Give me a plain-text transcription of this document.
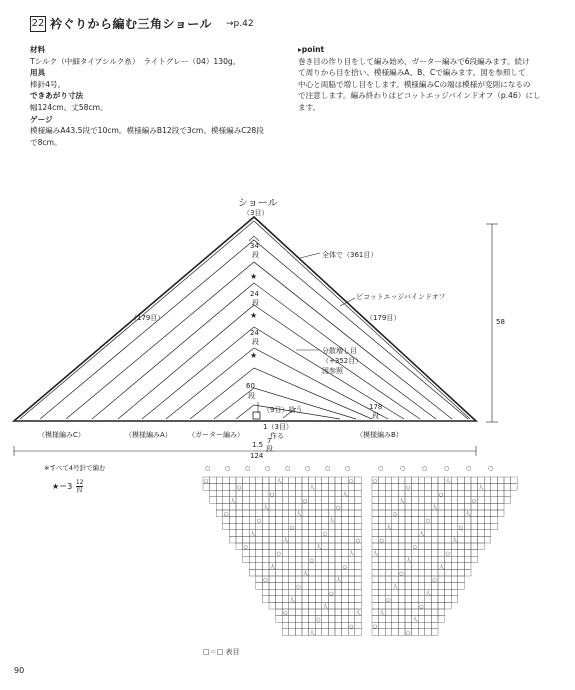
22 衿ぐりから編む三角ショール →p.42
材料
Tシルク（中細タイプシルク糸）　ライトグレー（04）130g。
用具
棒針4号。
できあがり寸法
幅124cm、丈58cm。
ゲージ
模様編みA43.5段で10cm。模様編みB12段で3cm、模様編みC28段
で8cm。
▸point
巻き目の作り目をして編み始め、ガーター編みで6段編みます。続け
て周りから目を拾い、模様編みA、B、Cで編みます。図を参照して
中心と両脇で増し目をします。模様編みCの端は模様が変則になるの
で注意します。編み終わりはピコットエッジバインドオフ（p.46）にし
ます。
★
★
★
ショール
（3目）
（179目）	（179目）
全体で（361目）
ピコットエッジバインドオフ
34
段
24
段
24
段
分散増し目
（+352目）
図参照
60
段
（9目）拾う	178
段
1（3目）
作る
1.5 7
段
（模様編みC）	（模様編みA） （ガーター編み）	（模様編みB）
124
58
※すべて4号針で編む
★＝3 12
段
○ ○ ○ ○ ○ ○ ○ ○	○	○	○	○	○	○
○	人	○
○	人
○	人
人	○
人	○
○	人
○	人
○
人	○
人	○
○	人
○	人
○
人	○
人
○	人
○
○
人
人
○	人
○
○
人
○	人
○	人
○
人	○
人
○	人
○
人	○
人
○	人
○
人	○
人
人
○
○
人
人
○
○
人
人
○
○
□＝□ 表目
90
